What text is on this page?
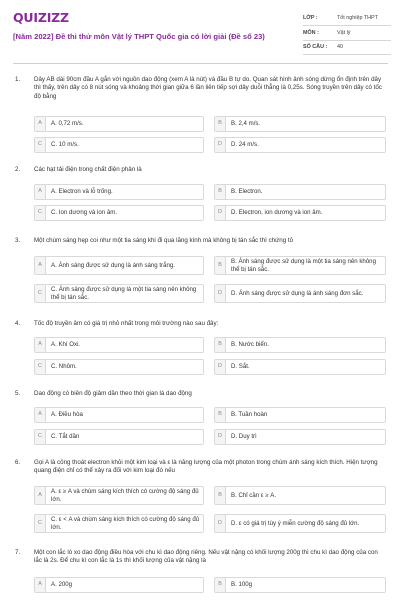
QUIZIZZ
[Năm 2022] Đề thi thử môn Vật lý THPT Quốc gia có lời giải (Đề số 23)
LỚP :	Tốt nghiệp THPT
MÔN :	Vật lý
SỐ CÂU : 40
1. Dây AB dài 90cm đầu A gắn với nguồn dao động (xem A là nút) và đầu B tự do. Quan sát hình ảnh sóng dừng ổn định trên dây thì thấy, trên dây có 8 nút sóng và khoảng thời gian giữa 6 lần liên tiếp sợi dây duỗi thẳng là 0,25s. Sóng truyền trên dây có tốc độ bằng
A	A. 0,72 m/s.	B	B. 2,4 m/s.
C	C. 10 m/s.	D	D. 24 m/s.
2. Các hạt tải điện trong chất điện phân là
A	A. Electron và lỗ trống.	B	B. Electron.
C	C. Ion dương và ion âm.	D	D. Electron, ion dương và ion âm.
3. Một chùm sáng hẹp coi như một tia sáng khi đi qua lăng kính mà không bị tán sắc thì chứng tỏ
A	A. Ánh sáng được sử dụng là ánh sáng trắng.	B	B. Ánh sáng được sử dụng là một tia sáng nên không thể bị tán sắc.
C	C. Ánh sáng được sử dụng là một tia sáng nên không thể bị tán sắc.
D	D. Ánh sáng được sử dụng là ánh sáng đơn sắc.
4. Tốc độ truyền âm có giá trị nhỏ nhất trong môi trường nào sau đây:
A	A. Khí Oxi.	B	B. Nước biển.
C	C. Nhôm.	D	D. Sắt.
5. Dao động có biên độ giảm dần theo thời gian là dao động
A	A. Điều hòa	B	B. Tuần hoàn
C	C. Tắt dần	D	D. Duy trì
6. Gọi A là công thoát electron khỏi một kim loại và ε là năng lượng của một photon trong chùm ánh sáng kích thích. Hiện tượng quang điện chỉ có thể xảy ra đối với kim loại đó nếu
A	A. ε ≥ A và chùm sáng kích thích có cường độ sáng đủ lớn.
B	B. Chỉ cần ε ≥ A.
C	C. ε < A và chùm sáng kích thích có cường độ sáng đủ lớn.
D	D. ε có giá trị tùy ý miễn cường độ sáng đủ lớn.
7. Một con lắc lò xo dao động điều hòa với chu kì dao động riêng. Nếu vật nặng có khối lượng 200g thì chu kì dao động của con lắc là 2s. Để chu kì con lắc là 1s thì khối lượng của vật nặng là
A	A. 200g	B	B. 100g
